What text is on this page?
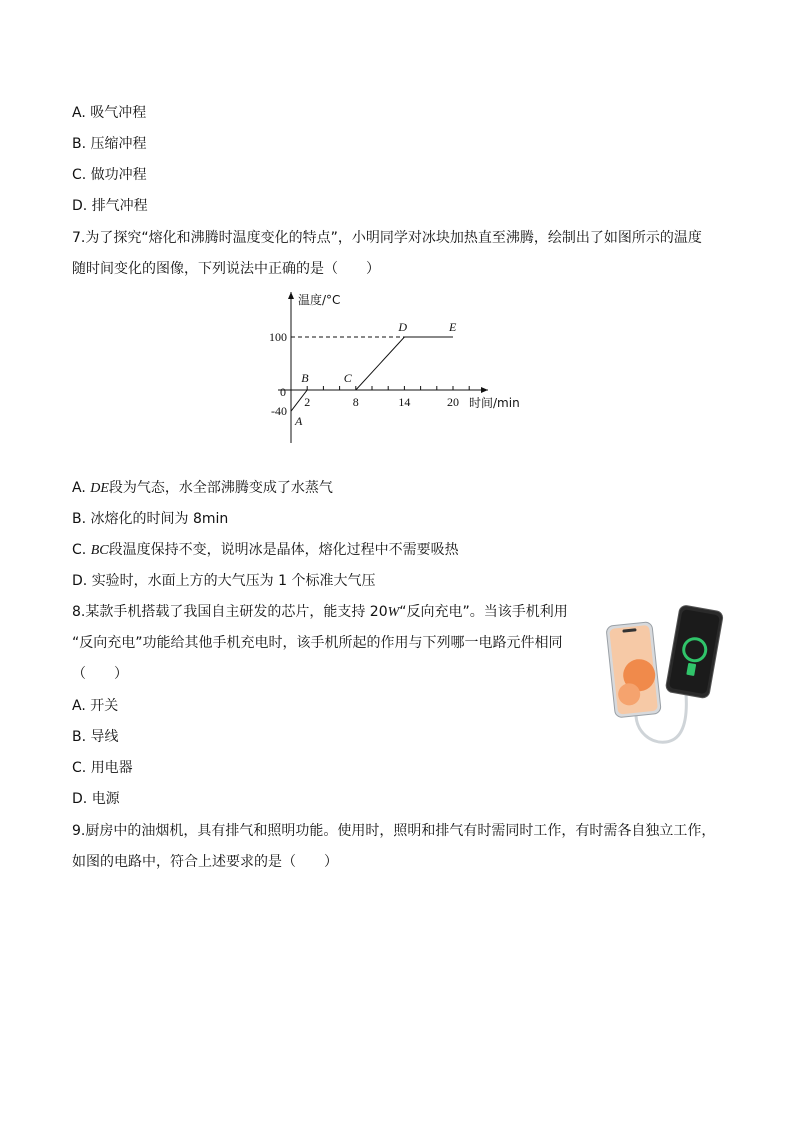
A. 吸气冲程
B. 压缩冲程
C. 做功冲程
D. 排气冲程
7.为了探究“熔化和沸腾时温度变化的特点”，小明同学对冰块加热直至沸腾，绘制出了如图所示的温度
随时间变化的图像，下列说法中正确的是（　　）
温度/°C
时间/min
0
2	8	14	20
100
-40
A
B	C
D	E
A. DE段为气态，水全部沸腾变成了水蒸气
B. 冰熔化的时间为 8min
C. BC段温度保持不变，说明冰是晶体，熔化过程中不需要吸热
D. 实验时，水面上方的大气压为 1 个标准大气压
8.某款手机搭载了我国自主研发的芯片，能支持 20W“反向充电”。当该手机利用
“反向充电”功能给其他手机充电时，该手机所起的作用与下列哪一电路元件相同
（　　）
A. 开关
B. 导线
C. 用电器
D. 电源
9.厨房中的油烟机，具有排气和照明功能。使用时，照明和排气有时需同时工作，有时需各自独立工作，
如图的电路中，符合上述要求的是（　　）
